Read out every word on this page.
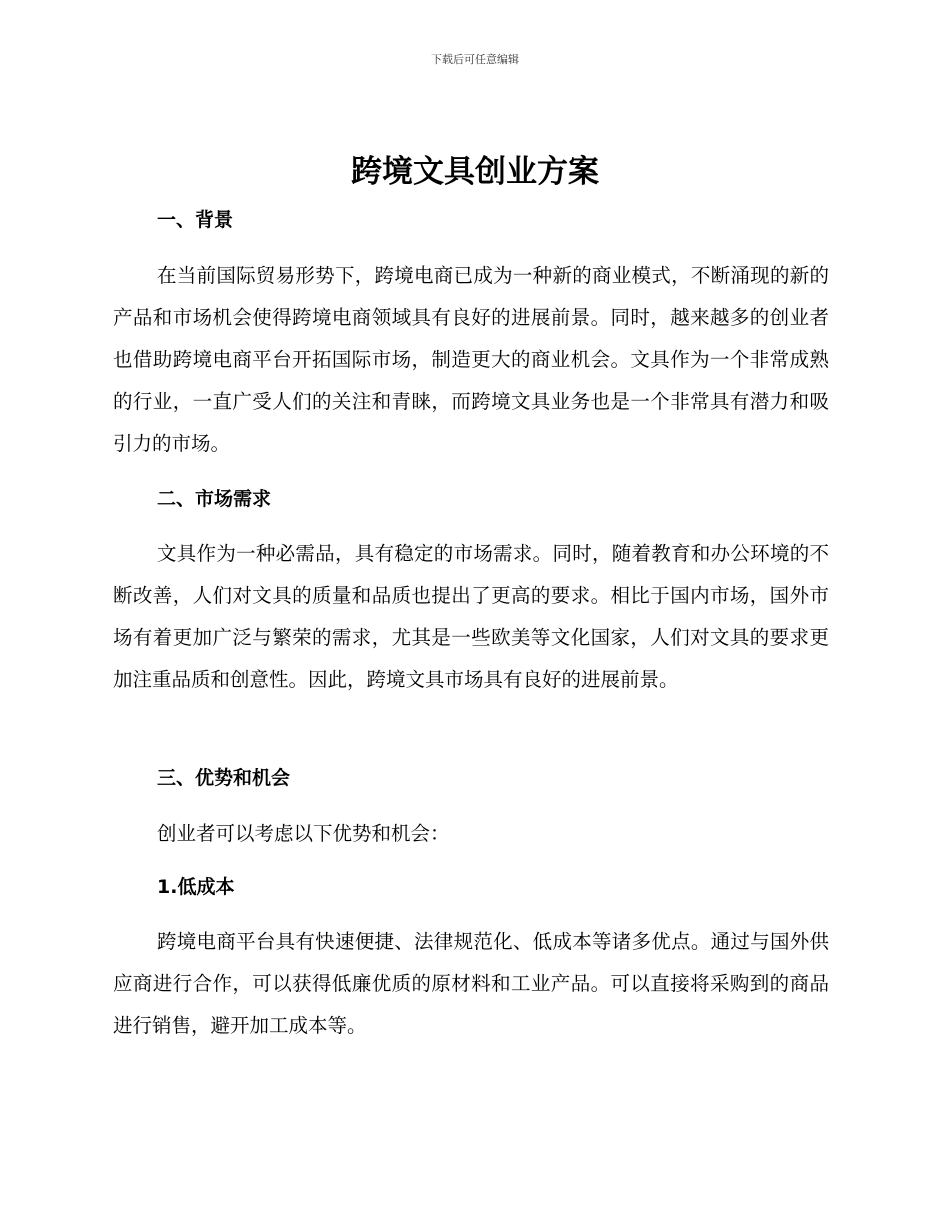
下载后可任意编辑
跨境文具创业方案
一、背景

在当前国际贸易形势下，跨境电商已成为一种新的商业模式，不断涌现的新的产品和市场机会使得跨境电商领域具有良好的进展前景。同时，越来越多的创业者也借助跨境电商平台开拓国际市场，制造更大的商业机会。文具作为一个非常成熟的行业，一直广受人们的关注和青睐，而跨境文具业务也是一个非常具有潜力和吸引力的市场。

二、市场需求

文具作为一种必需品，具有稳定的市场需求。同时，随着教育和办公环境的不断改善，人们对文具的质量和品质也提出了更高的要求。相比于国内市场，国外市场有着更加广泛与繁荣的需求，尤其是一些欧美等文化国家，人们对文具的要求更加注重品质和创意性。因此，跨境文具市场具有良好的进展前景。

三、优势和机会

创业者可以考虑以下优势和机会：

1.低成本

跨境电商平台具有快速便捷、法律规范化、低成本等诸多优点。通过与国外供应商进行合作，可以获得低廉优质的原材料和工业产品。可以直接将采购到的商品进行销售，避开加工成本等。
